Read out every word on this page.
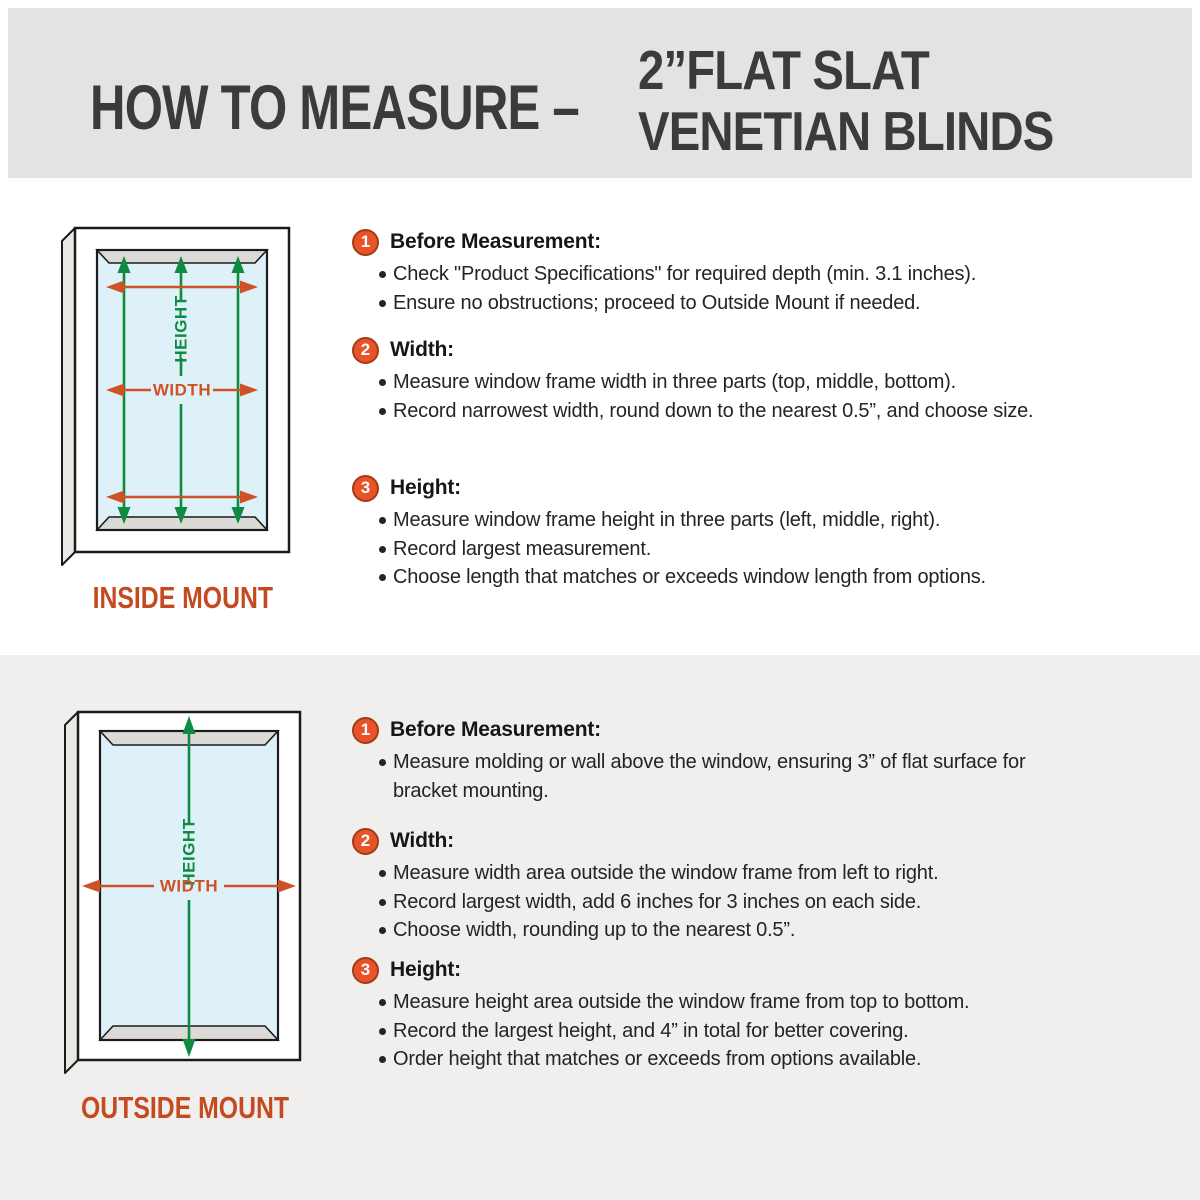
HOW TO MEASURE –
2”FLAT SLAT
VENETIAN BLINDS
HEIGHT
WIDTH
INSIDE MOUNT
HEIGHT
WIDTH
OUTSIDE MOUNT
1 Before Measurement:
Check "Product Specifications" for required depth (min. 3.1 inches).
Ensure no obstructions; proceed to Outside Mount if needed.
2 Width:
Measure window frame width in three parts (top, middle, bottom).
Record narrowest width, round down to the nearest 0.5”, and choose size.
3 Height:
Measure window frame height in three parts (left, middle, right).
Record largest measurement.
Choose length that matches or exceeds window length from options.
1 Before Measurement:
Measure molding or wall above the window, ensuring 3” of flat surface for bracket mounting.
2 Width:
Measure width area outside the window frame from left to right.
Record largest width, add 6 inches for 3 inches on each side.
Choose width, rounding up to the nearest 0.5”.
3 Height:
Measure height area outside the window frame from top to bottom.
Record the largest height, and 4” in total for better covering.
Order height that matches or exceeds from options available.
